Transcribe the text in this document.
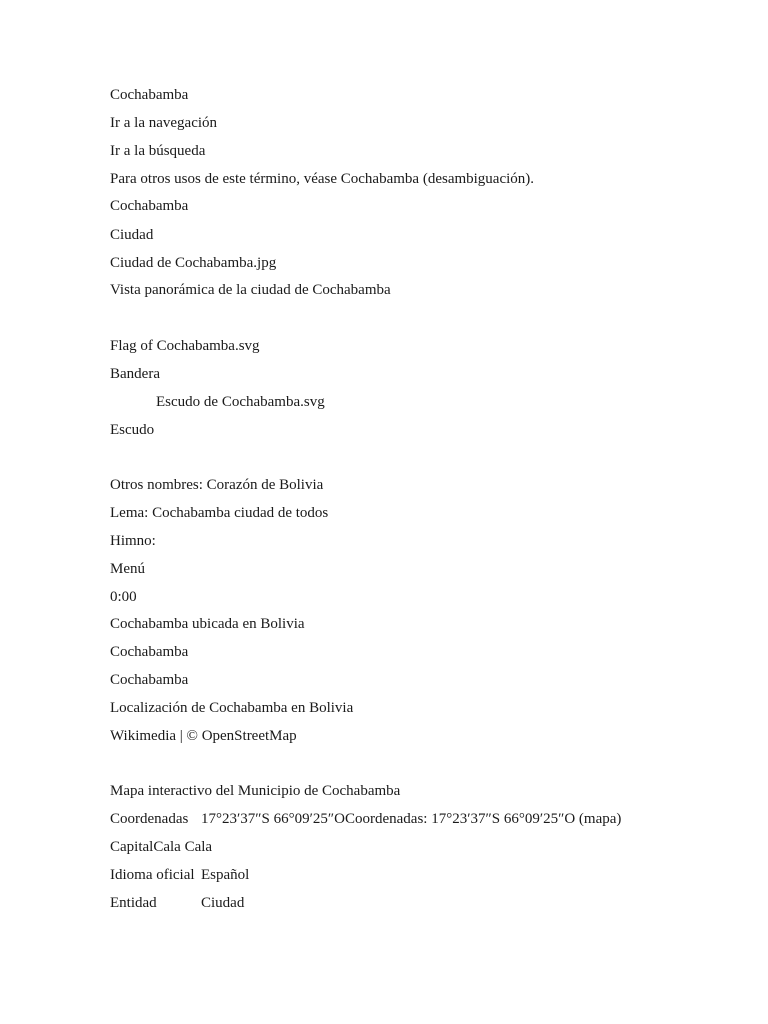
Cochabamba
Ir a la navegación
Ir a la búsqueda
Para otros usos de este término, véase Cochabamba (desambiguación).
Cochabamba
Ciudad
Ciudad de Cochabamba.jpg
Vista panorámica de la ciudad de Cochabamba
Flag of Cochabamba.svg
Bandera
Escudo de Cochabamba.svg
Escudo
Otros nombres: Corazón de Bolivia
Lema: Cochabamba ciudad de todos
Himno:
Menú
0:00
Cochabamba ubicada en Bolivia
Cochabamba
Cochabamba
Localización de Cochabamba en Bolivia
Wikimedia | © OpenStreetMap
Mapa interactivo del Municipio de Cochabamba
Coordenadas 17°23′37″S 66°09′25″OCoordenadas: 17°23′37″S 66°09′25″O (mapa)
CapitalCala Cala
Idioma oficial Español
Entidad	Ciudad
